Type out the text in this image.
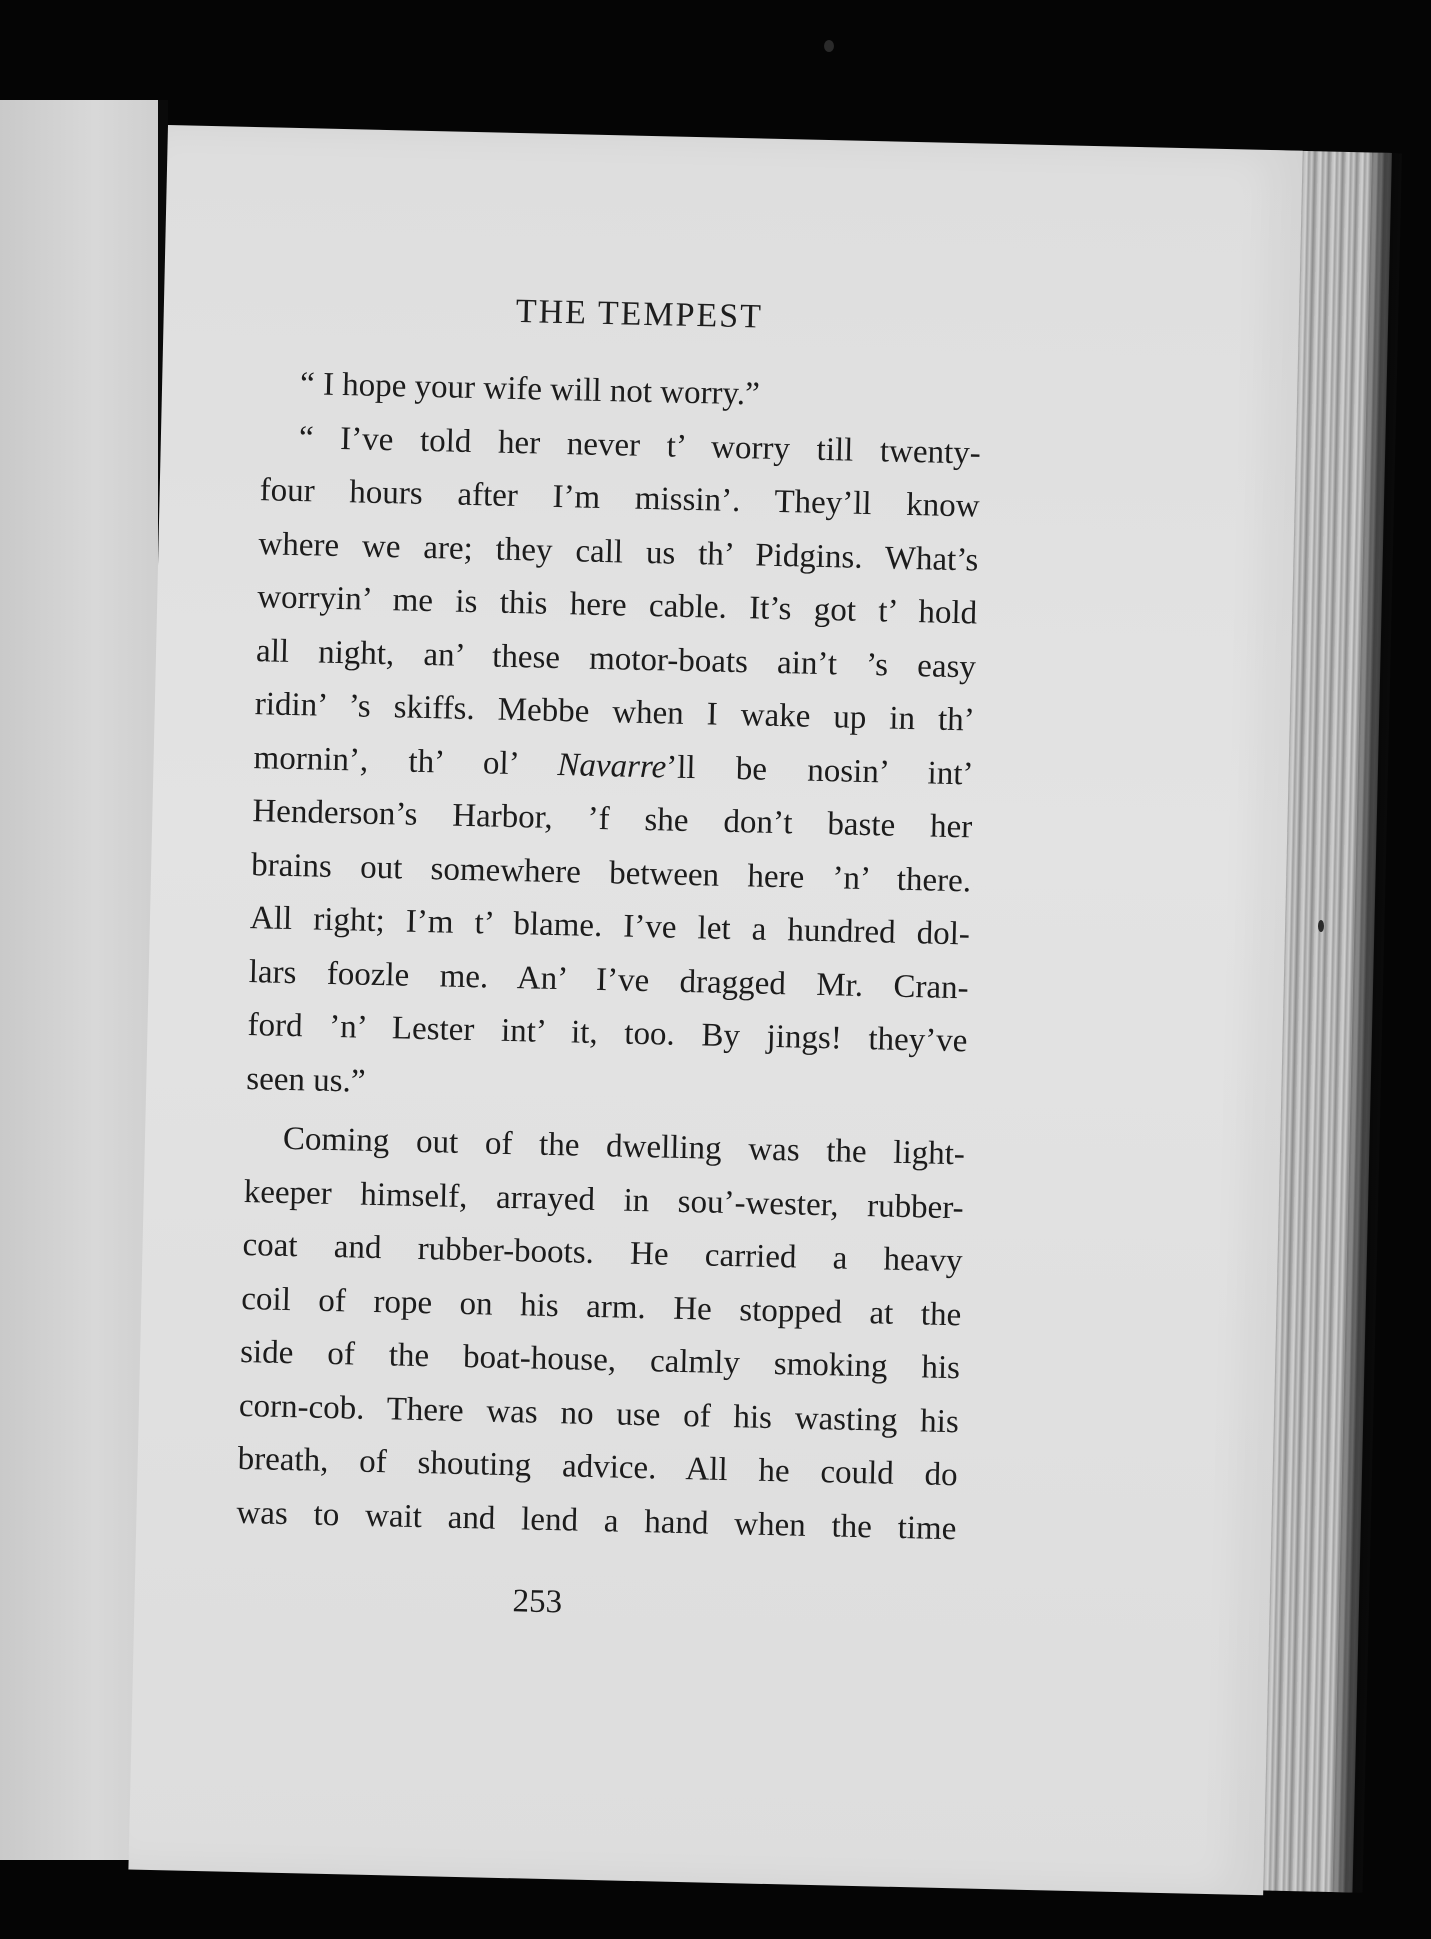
THE TEMPEST
“ I hope your wife will not worry.”
“ I’ve told her never t’ worry till twenty-
four hours after I’m missin’. They’ll know
where we are; they call us th’ Pidgins. What’s
worryin’ me is this here cable. It’s got t’ hold
all night, an’ these motor-boats ain’t ’s easy
ridin’ ’s skiffs. Mebbe when I wake up in th’
mornin’, th’ ol’ Navarre’ll be nosin’ int’
Henderson’s Harbor, ’f she don’t baste her
brains out somewhere between here ’n’ there.
All right; I’m t’ blame. I’ve let a hundred dol-
lars foozle me. An’ I’ve dragged Mr. Cran-
ford ’n’ Lester int’ it, too. By jings! they’ve
seen us.”
Coming out of the dwelling was the light-
keeper himself, arrayed in sou’-wester, rubber-
coat and rubber-boots. He carried a heavy
coil of rope on his arm. He stopped at the
side of the boat-house, calmly smoking his
corn-cob. There was no use of his wasting his
breath, of shouting advice. All he could do
was to wait and lend a hand when the time
253
